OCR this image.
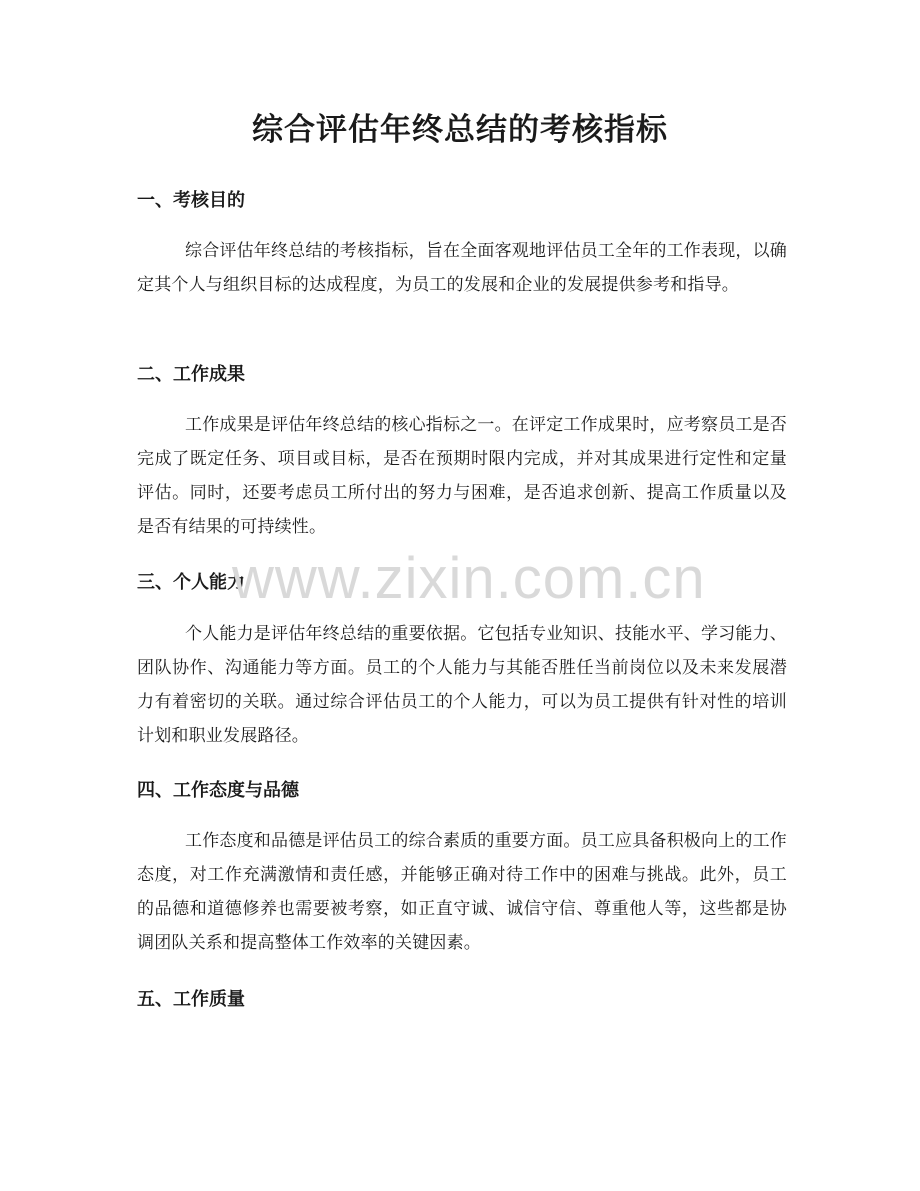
综合评估年终总结的考核指标
一、考核目的

综合评估年终总结的考核指标，旨在全面客观地评估员工全年的工作表现，以确定其个人与组织目标的达成程度，为员工的发展和企业的发展提供参考和指导。

二、工作成果

工作成果是评估年终总结的核心指标之一。在评定工作成果时，应考察员工是否完成了既定任务、项目或目标，是否在预期时限内完成，并对其成果进行定性和定量评估。同时，还要考虑员工所付出的努力与困难，是否追求创新、提高工作质量以及是否有结果的可持续性。

三、个人能力

个人能力是评估年终总结的重要依据。它包括专业知识、技能水平、学习能力、团队协作、沟通能力等方面。员工的个人能力与其能否胜任当前岗位以及未来发展潜力有着密切的关联。通过综合评估员工的个人能力，可以为员工提供有针对性的培训计划和职业发展路径。

四、工作态度与品德

工作态度和品德是评估员工的综合素质的重要方面。员工应具备积极向上的工作态度，对工作充满激情和责任感，并能够正确对待工作中的困难与挑战。此外，员工的品德和道德修养也需要被考察，如正直守诚、诚信守信、尊重他人等，这些都是协调团队关系和提高整体工作效率的关键因素。

五、工作质量
www.zixin.com.cn
